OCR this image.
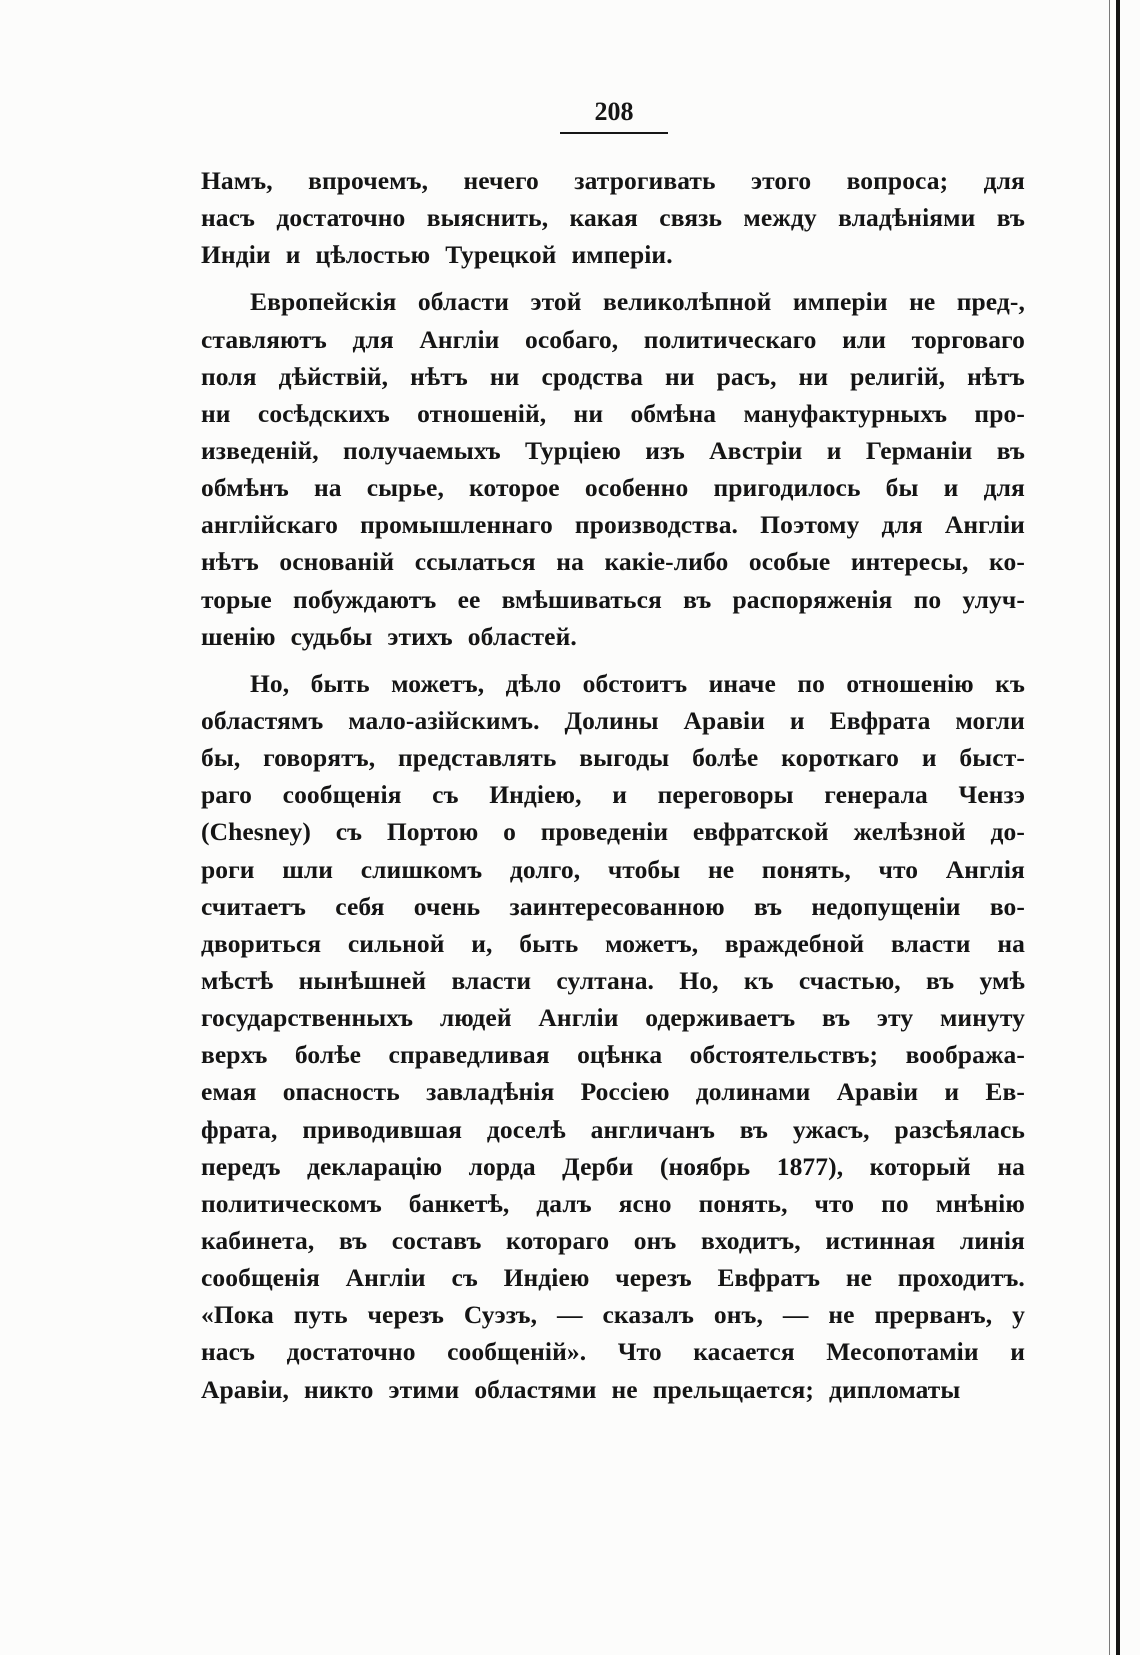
208
Намъ, впрочемъ, нечего затрогивать этого вопроса; для
насъ достаточно выяснить, какая связь между владѣніями въ
Индіи и цѣлостью Турецкой имперіи.
Европейскія области этой великолѣпной имперіи не пред-,
ставляютъ для Англіи особаго, политическаго или торговаго
поля дѣйствій, нѣтъ ни сродства ни расъ, ни религій, нѣтъ
ни сосѣдскихъ отношеній, ни обмѣна мануфактурныхъ про-
изведеній, получаемыхъ Турціею изъ Австріи и Германіи въ
обмѣнъ на сырье, которое особенно пригодилось бы и для
англійскаго промышленнаго производства. Поэтому для Англіи
нѣтъ основаній ссылаться на какіе-либо особые интересы, ко-
торые побуждаютъ ее вмѣшиваться въ распоряженія по улуч-
шенію судьбы этихъ областей.
Но, быть можетъ, дѣло обстоитъ иначе по отношенію къ
областямъ мало-азійскимъ. Долины Аравіи и Евфрата могли
бы, говорятъ, представлять выгоды болѣе короткаго и быст-
раго сообщенія съ Индіею, и переговоры генерала Чензэ
(Chesney) съ Портою о проведеніи евфратской желѣзной до-
роги шли слишкомъ долго, чтобы не понять, что Англія
считаетъ себя очень заинтересованною въ недопущеніи во-
двориться сильной и, быть можетъ, враждебной власти на
мѣстѣ нынѣшней власти султана. Но, къ счастью, въ умѣ
государственныхъ людей Англіи одерживаетъ въ эту минуту
верхъ болѣе справедливая оцѣнка обстоятельствъ; вообража-
емая опасность завладѣнія Россіею долинами Аравіи и Ев-
фрата, приводившая доселѣ англичанъ въ ужасъ, разсѣялась
передъ декларацію лорда Дерби (ноябрь 1877), который на
политическомъ банкетѣ, далъ ясно понять, что по мнѣнію
кабинета, въ составъ котораго онъ входитъ, истинная линія
сообщенія Англіи съ Индіею черезъ Евфратъ не проходитъ.
«Пока путь черезъ Суэзъ, — сказалъ онъ, — не прерванъ, у
насъ достаточно сообщеній». Что касается Месопотаміи и
Аравіи, никто этими областями не прельщается; дипломаты
